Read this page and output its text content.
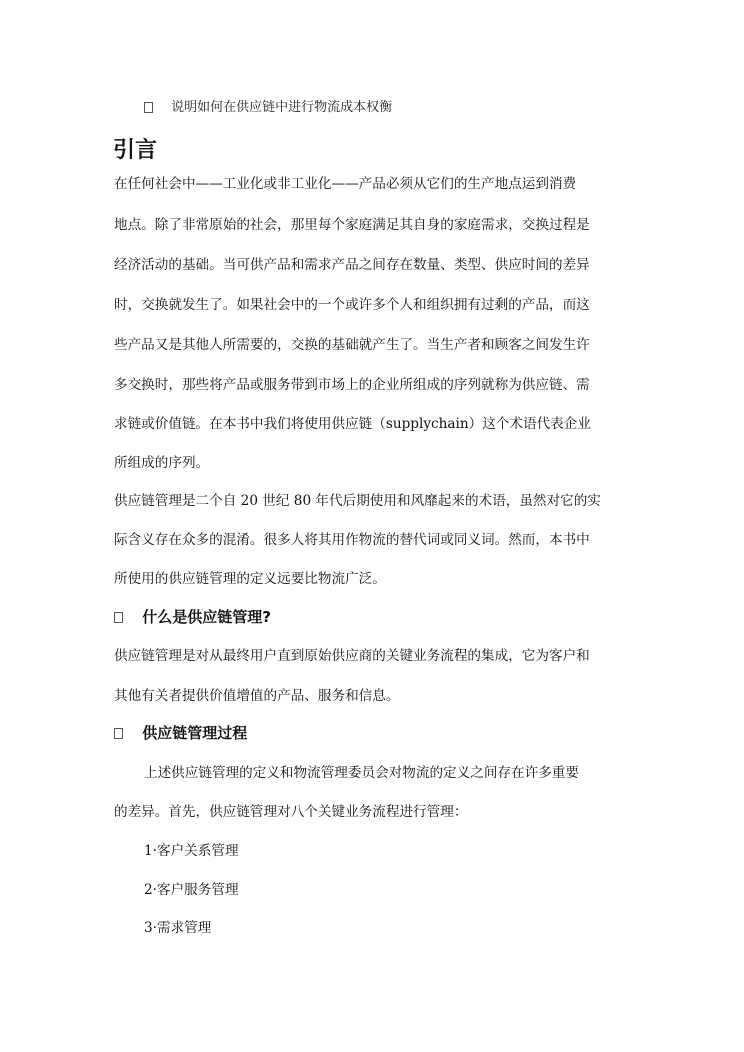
说明如何在供应链中进行物流成本权衡
引言
在任何社会中——工业化或非工业化——产品必须从它们的生产地点运到消费
地点。除了非常原始的社会，那里每个家庭满足其自身的家庭需求，交换过程是
经济活动的基础。当可供产品和需求产品之间存在数量、类型、供应时间的差异
时，交换就发生了。如果社会中的一个或许多个人和组织拥有过剩的产品，而这
些产品又是其他人所需要的，交换的基础就产生了。当生产者和顾客之间发生许
多交换时，那些将产品或服务带到市场上的企业所组成的序列就称为供应链、需
求链或价值链。在本书中我们将使用供应链（supplychain）这个术语代表企业
所组成的序列。
供应链管理是二个自 20 世纪 80 年代后期使用和风靡起来的术语，虽然对它的实
际含义存在众多的混淆。很多人将其用作物流的替代词或同义词。然而，本书中
所使用的供应链管理的定义远要比物流广泛。
什么是供应链管理?
供应链管理是对从最终用户直到原始供应商的关键业务流程的集成，它为客户和
其他有关者提供价值增值的产品、服务和信息。
供应链管理过程
上述供应链管理的定义和物流管理委员会对物流的定义之间存在许多重要
的差异。首先，供应链管理对八个关键业务流程进行管理：
1·客户关系管理
2·客户服务管理
3·需求管理
